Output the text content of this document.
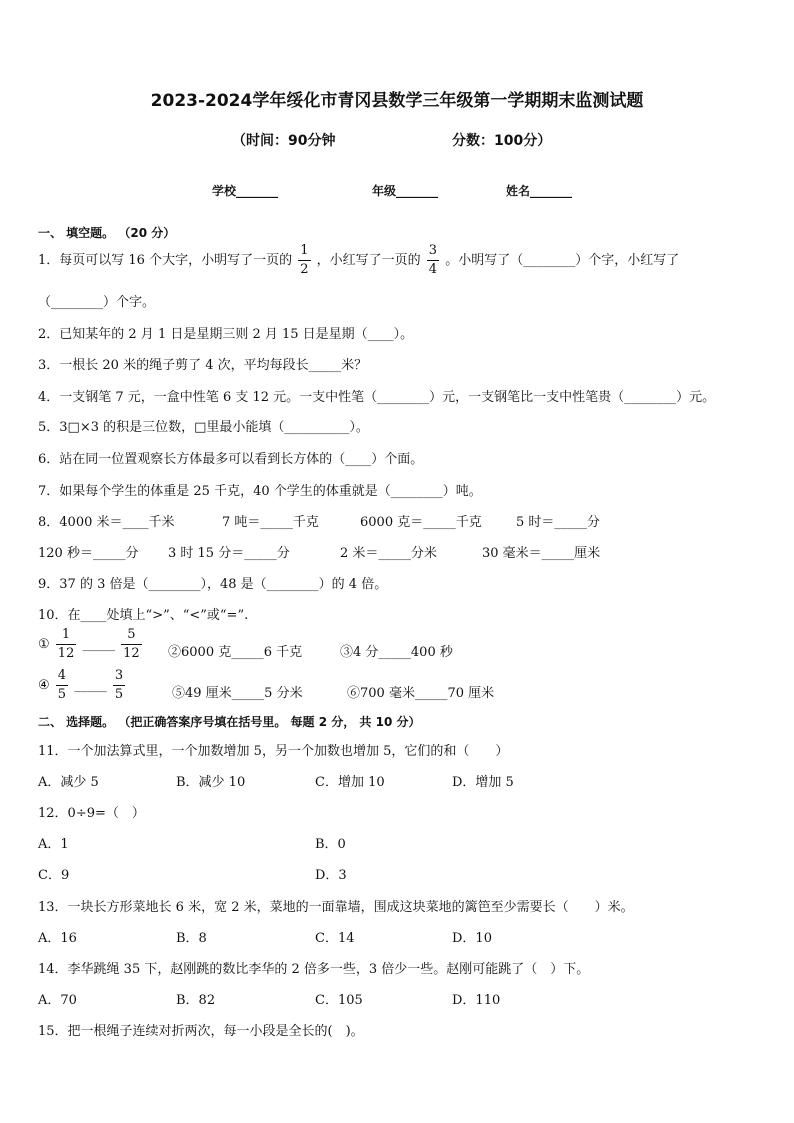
2023-2024学年绥化市青冈县数学三年级第一学期期末监测试题
（时间：90分钟	分数：100分）
学校_______	年级_______	姓名_______
一、 填空题。 （20 分）
1．每页可以写 16 个大字，小明写了一页的 $\frac{1}{2}$ ，小红写了一页的 $\frac{3}{4}$ 。小明写了（________）个字，小红写了
（________）个字。
2．已知某年的 2 月 1 日是星期三则 2 月 15 日是星期（____）。
3．一根长 20 米的绳子剪了 4 次，平均每段长_____米？
4．一支钢笔 7 元，一盒中性笔 6 支 12 元。一支中性笔（________）元，一支钢笔比一支中性笔贵（________）元。
5．3□×3 的积是三位数，□里最小能填（__________）。
6．站在同一位置观察长方体最多可以看到长方体的（____）个面。
7．如果每个学生的体重是 25 千克，40 个学生的体重就是（________）吨。
8．4000 米＝____千米	7 吨＝_____千克	6000 克＝_____千克	5 时＝_____分
120 秒＝_____分 3 时 15 分＝_____分	2 米＝_____分米	30 毫米＝_____厘米
9．37 的 3 倍是（________），48 是（________）的 4 倍。
10．在____处填上“>”、“<”或“=”.
① $\frac{1}{12}$ _____ $\frac{5}{12}$ ②6000 克_____6 千克	③4 分_____400 秒
④ $\frac{4}{5}$ _____ $\frac{3}{5}$	⑤49 厘米_____5 分米	⑥700 毫米_____70 厘米
二、 选择题。 （把正确答案序号填在括号里。 每题 2 分， 共 10 分）
11．一个加法算式里，一个加数增加 5，另一个加数也增加 5，它们的和（　　）
A．减少 5	B．减少 10	C．增加 10	D．增加 5
12．0÷9=（　）
A．1	B．0
C．9	D．3
13．一块长方形菜地长 6 米，宽 2 米，菜地的一面靠墙，围成这块菜地的篱笆至少需要长（　　）米。
A．16	B．8	C．14	D．10
14．李华跳绳 35 下，赵刚跳的数比李华的 2 倍多一些，3 倍少一些。赵刚可能跳了（　）下。
A．70	B．82	C．105	D．110
15．把一根绳子连续对折两次，每一小段是全长的(　)。
